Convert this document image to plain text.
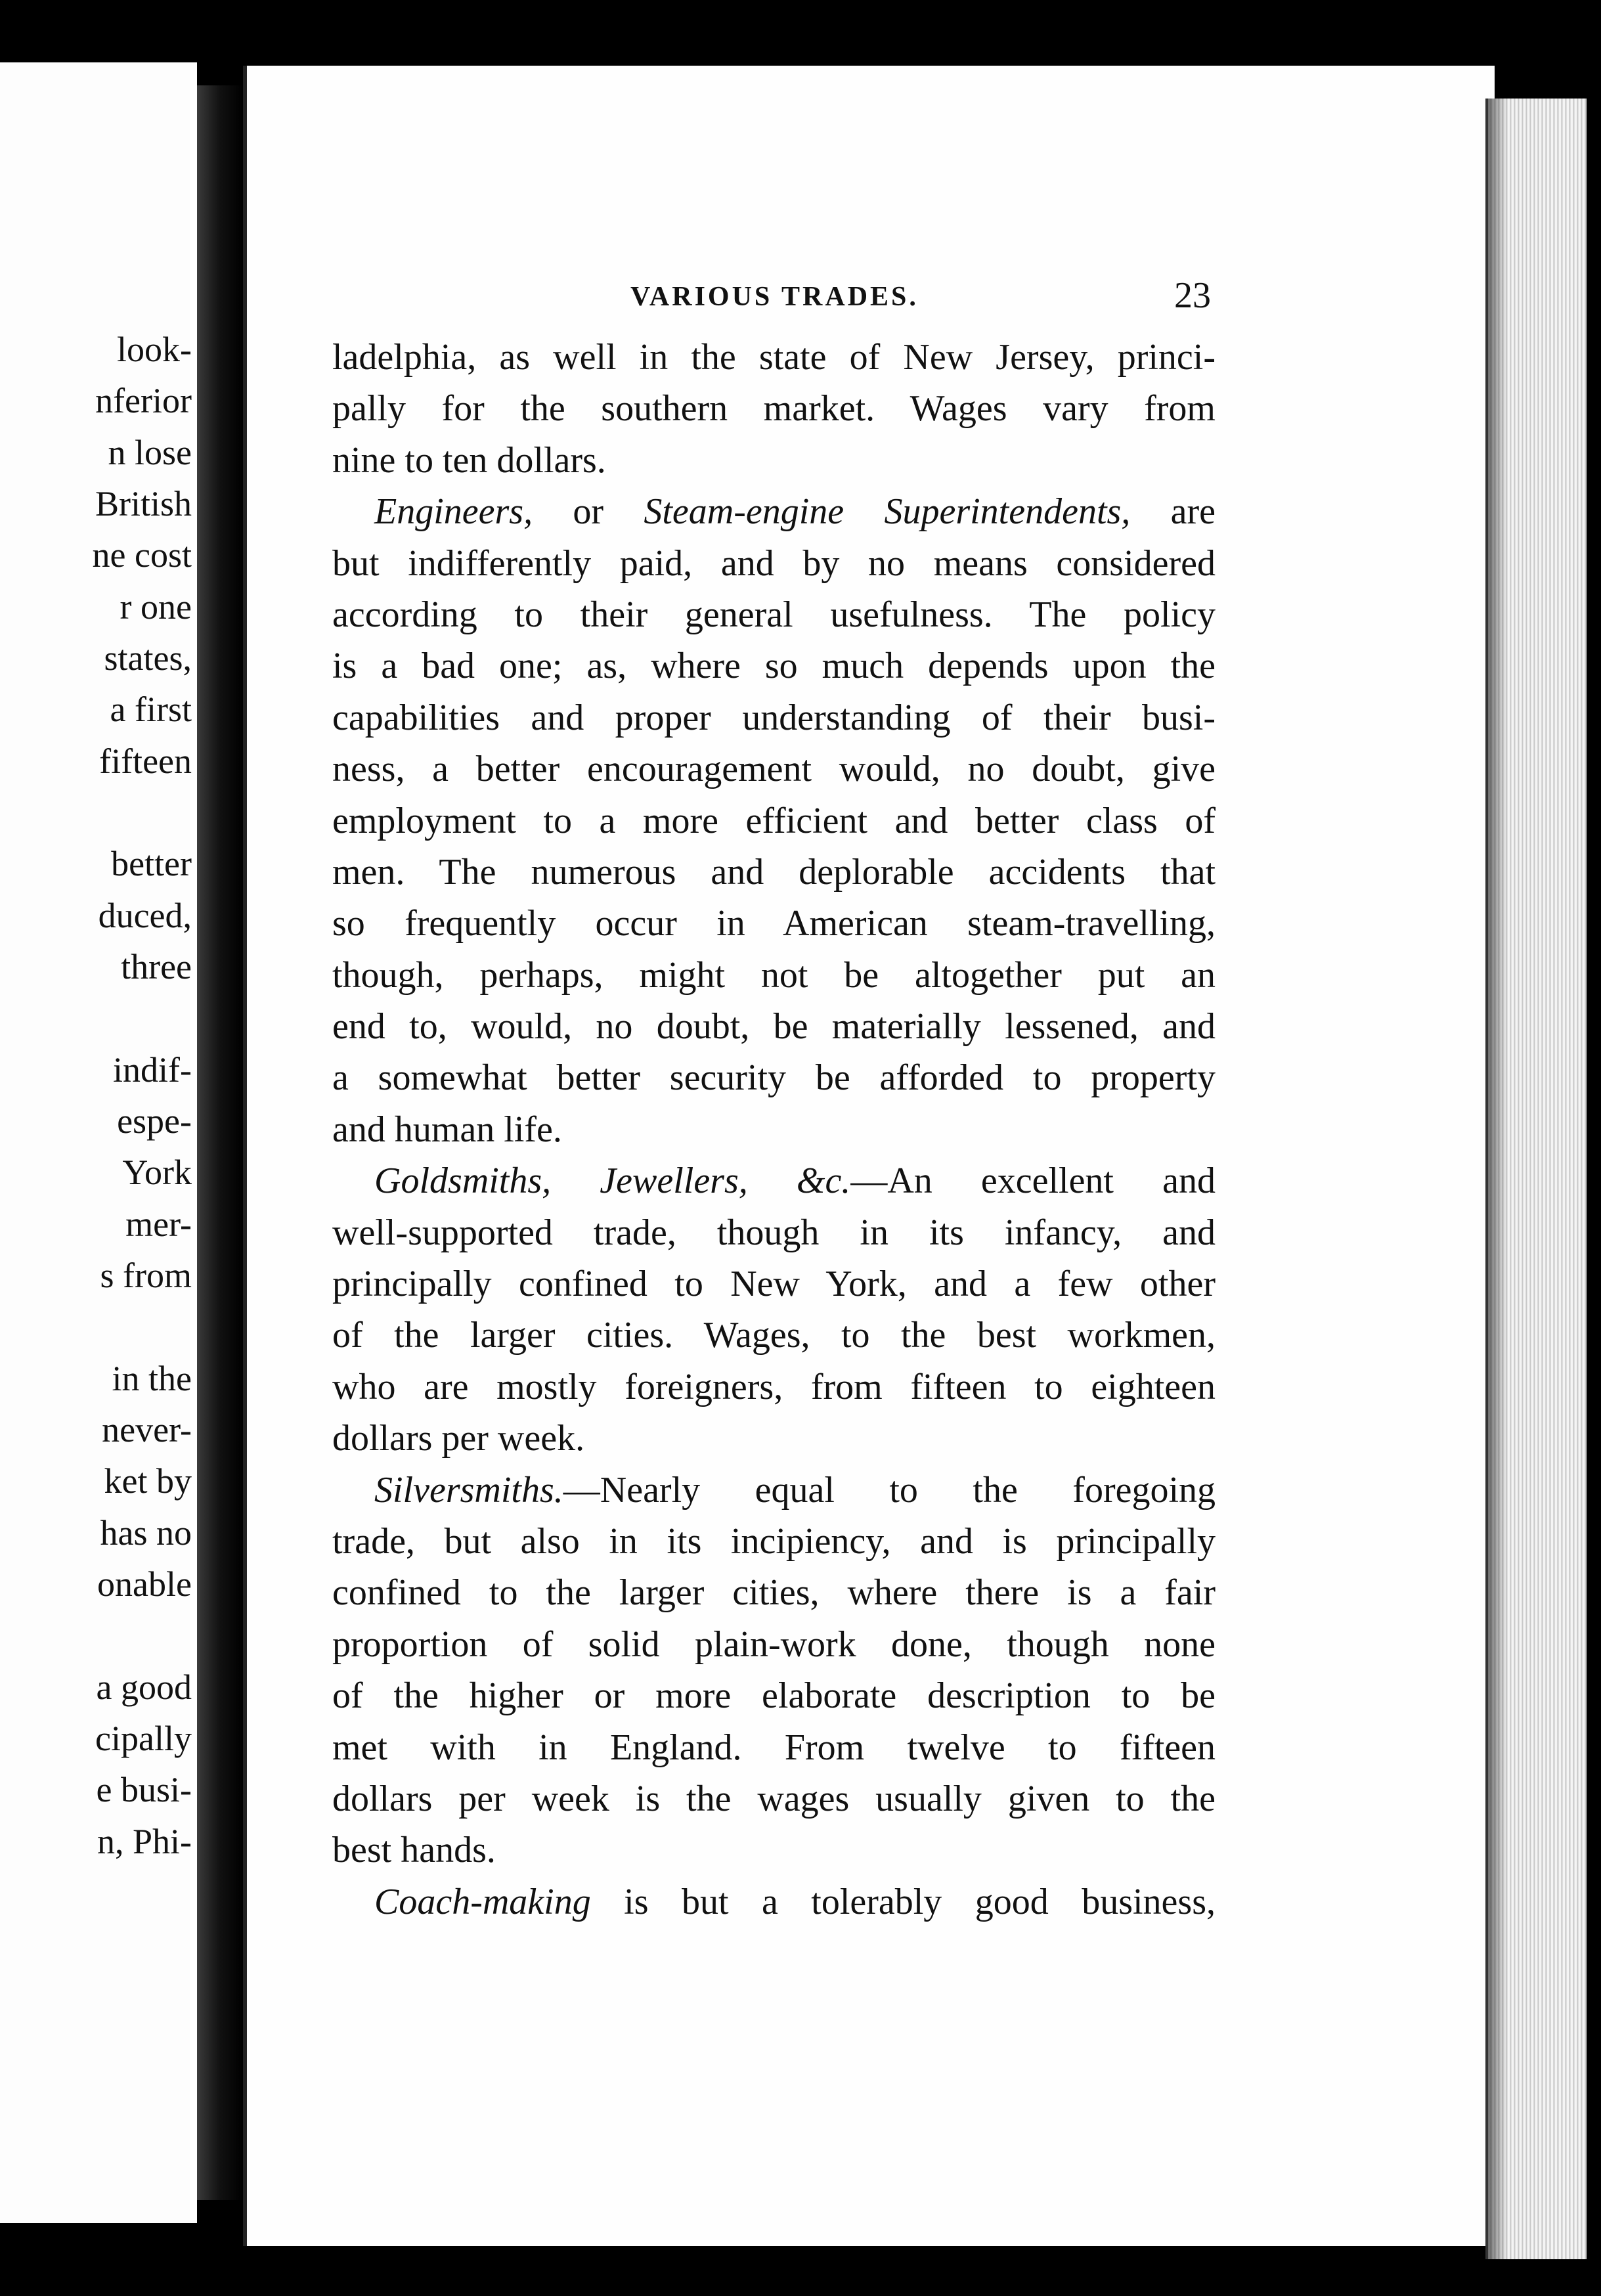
look-
nferior
n lose
British
ne cost
r one
states,
a first
fifteen
better
duced,
three
indif-
espe-
York
mer-
s from
in the
never-
ket by
has no
onable
a good
cipally
e busi-
n, Phi-
VARIOUS TRADES.	23
ladelphia, as well in the state of New Jersey, princi-
pally for the southern market. Wages vary from
nine to ten dollars.
Engineers, or Steam-engine Superintendents, are
but indifferently paid, and by no means considered
according to their general usefulness. The policy
is a bad one; as, where so much depends upon the
capabilities and proper understanding of their busi-
ness, a better encouragement would, no doubt, give
employment to a more efficient and better class of
men. The numerous and deplorable accidents that
so frequently occur in American steam-travelling,
though, perhaps, might not be altogether put an
end to, would, no doubt, be materially lessened, and
a somewhat better security be afforded to property
and human life.
Goldsmiths, Jewellers, &c.—An excellent and
well-supported trade, though in its infancy, and
principally confined to New York, and a few other
of the larger cities. Wages, to the best workmen,
who are mostly foreigners, from fifteen to eighteen
dollars per week.
Silversmiths.—Nearly equal to the foregoing
trade, but also in its incipiency, and is principally
confined to the larger cities, where there is a fair
proportion of solid plain-work done, though none
of the higher or more elaborate description to be
met with in England. From twelve to fifteen
dollars per week is the wages usually given to the
best hands.
Coach-making is but a tolerably good business,
